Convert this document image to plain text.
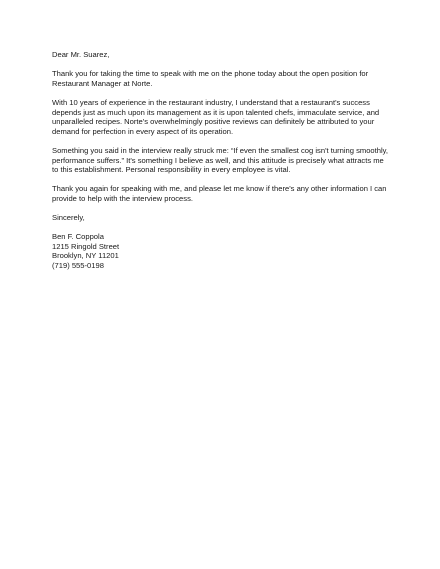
Dear Mr. Suarez,

Thank you for taking the time to speak with me on the phone today about the open position for Restaurant Manager at Norte.

With 10 years of experience in the restaurant industry, I understand that a restaurant's success depends just as much upon its management as it is upon talented chefs, immaculate service, and unparalleled recipes. Norte's overwhelmingly positive reviews can definitely be attributed to your demand for perfection in every aspect of its operation.

Something you said in the interview really struck me: “If even the smallest cog isn't turning smoothly, performance suffers.” It's something I believe as well, and this attitude is precisely what attracts me to this establishment. Personal responsibility in every employee is vital.

Thank you again for speaking with me, and please let me know if there's any other information I can provide to help with the interview process.

Sincerely,

Ben F. Coppola

1215 Ringold Street

Brooklyn, NY 11201

(719) 555-0198
